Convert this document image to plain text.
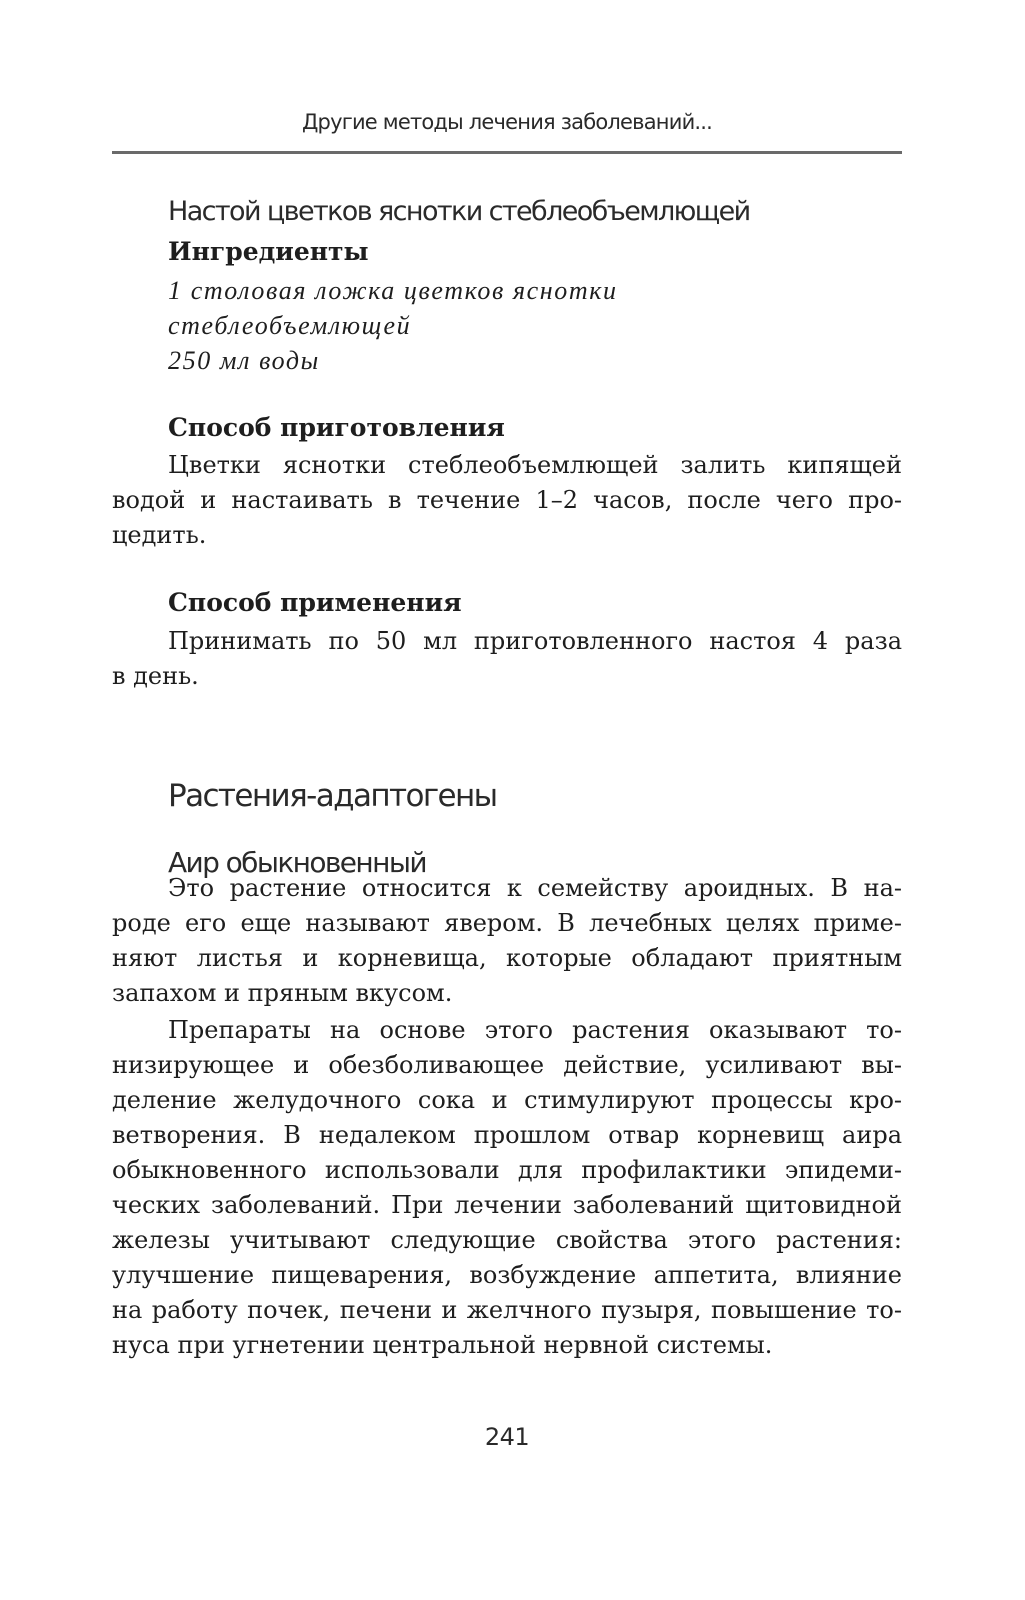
Другие методы лечения заболеваний...
Настой цветков яснотки стеблеобъемлющей
Ингредиенты
1 столовая ложка цветков яснотки
стеблеобъемлющей
250 мл воды
Способ приготовления
Цветки яснотки стеблеобъемлющей залить кипящей
водой и настаивать в течение 1–2 часов, после чего про-
цедить.
Способ применения
Принимать по 50 мл приготовленного настоя 4 раза
в день.
Растения-адаптогены
Аир обыкновенный
Это растение относится к семейству ароидных. В на-
роде его еще называют явером. В лечебных целях приме-
няют листья и корневища, которые обладают приятным
запахом и пряным вкусом.
Препараты на основе этого растения оказывают то-
низирующее и обезболивающее действие, усиливают вы-
деление желудочного сока и стимулируют процессы кро-
ветворения. В недалеком прошлом отвар корневищ аира
обыкновенного использовали для профилактики эпидеми-
ческих заболеваний. При лечении заболеваний щитовидной
железы учитывают следующие свойства этого растения:
улучшение пищеварения, возбуждение аппетита, влияние
на работу почек, печени и желчного пузыря, повышение то-
нуса при угнетении центральной нервной системы.
241
